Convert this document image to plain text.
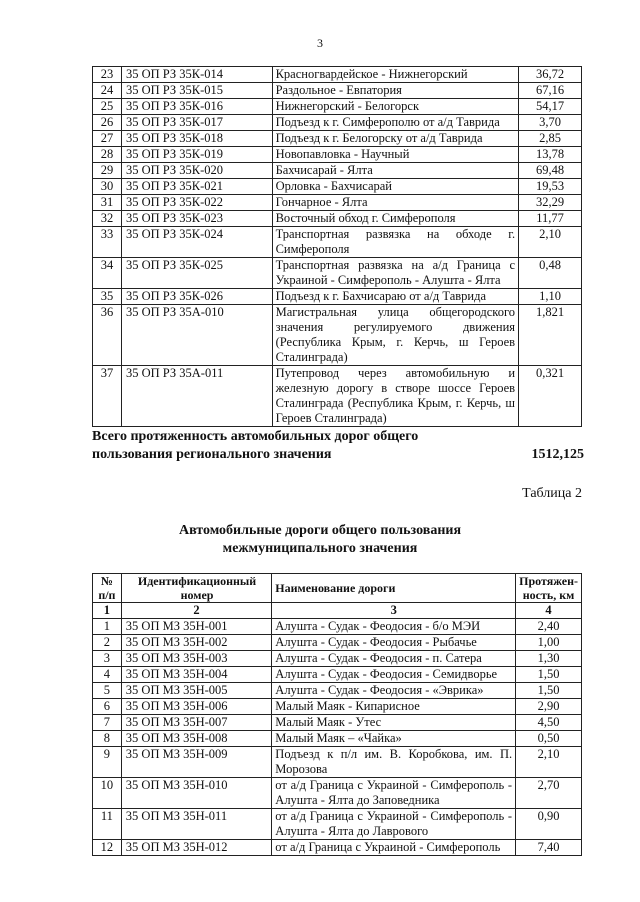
3
23	35 ОП РЗ 35К-014	Красногвардейское - Нижнегорский	36,72
24	35 ОП РЗ 35К-015	Раздольное - Евпатория	67,16
25	35 ОП РЗ 35К-016	Нижнегорский - Белогорск	54,17
26	35 ОП РЗ 35К-017	Подъезд к г. Симферополю от а/д Таврида	3,70
27	35 ОП РЗ 35К-018	Подъезд к г. Белогорску от а/д Таврида	2,85
28	35 ОП РЗ 35К-019	Новопавловка - Научный	13,78
29	35 ОП РЗ 35К-020	Бахчисарай - Ялта	69,48
30	35 ОП РЗ 35К-021	Орловка - Бахчисарай	19,53
31	35 ОП РЗ 35К-022	Гончарное - Ялта	32,29
32	35 ОП РЗ 35К-023	Восточный обход г. Симферополя	11,77
33	35 ОП РЗ 35К-024	Транспортная развязка на обходе г. Симферополя	2,10
34	35 ОП РЗ 35К-025	Транспортная развязка на а/д Граница с Украиной - Симферополь - Алушта - Ялта	0,48
35	35 ОП РЗ 35К-026	Подъезд к г. Бахчисараю от а/д Таврида	1,10
36	35 ОП РЗ 35А-010	Магистральная улица общегородского значения регулируемого движения (Республика Крым, г. Керчь, ш Героев Сталинграда)	1,821
37	35 ОП РЗ 35А-011	Путепровод через автомобильную и железную дорогу в створе шоссе Героев Сталинграда (Республика Крым, г. Керчь, ш Героев Сталинграда)	0,321
Всего протяженность автомобильных дорог общего пользования регионального значения	1512,125
Таблица 2
Автомобильные дороги общего пользования
межмуниципального значения
№ п/п	Идентификационный номер	Наименование дороги	Протяжен-ность, км
1	2	3	4
1	35 ОП МЗ 35Н-001	Алушта - Судак - Феодосия - б/о МЭИ	2,40
2	35 ОП МЗ 35Н-002	Алушта - Судак - Феодосия - Рыбачье	1,00
3	35 ОП МЗ 35Н-003	Алушта - Судак - Феодосия - п. Сатера	1,30
4	35 ОП МЗ 35Н-004	Алушта - Судак - Феодосия - Семидворье	1,50
5	35 ОП МЗ 35Н-005	Алушта - Судак - Феодосия - «Эврика»	1,50
6	35 ОП МЗ 35Н-006	Малый Маяк - Кипарисное	2,90
7	35 ОП МЗ 35Н-007	Малый Маяк - Утес	4,50
8	35 ОП МЗ 35Н-008	Малый Маяк – «Чайка»	0,50
9	35 ОП МЗ 35Н-009	Подъезд к п/л им. В. Коробкова, им. П. Морозова	2,10
10	35 ОП МЗ 35Н-010	от а/д Граница с Украиной - Симферополь - Алушта - Ялта до Заповедника	2,70
11	35 ОП МЗ 35Н-011	от а/д Граница с Украиной - Симферополь - Алушта - Ялта до Лаврового	0,90
12	35 ОП МЗ 35Н-012	от а/д Граница с Украиной - Симферополь	7,40
